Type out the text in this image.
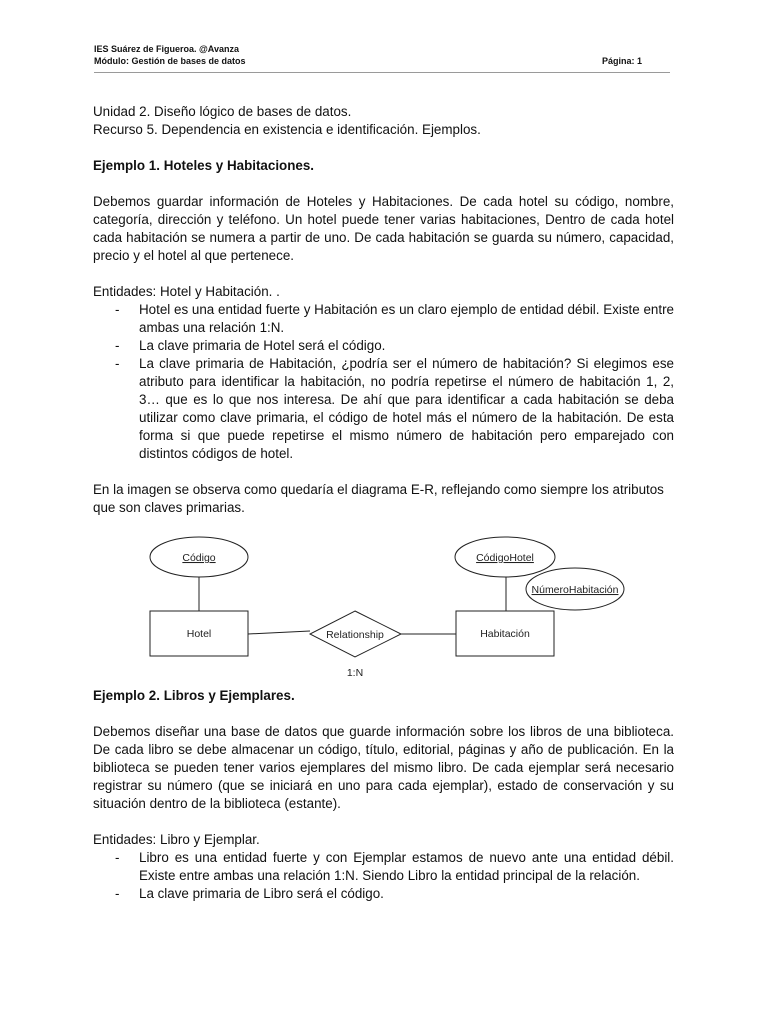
IES Suárez de Figueroa. @Avanza
Módulo: Gestión de bases de datos	Página: 1

Unidad 2. Diseño lógico de bases de datos.

Recurso 5. Dependencia en existencia e identificación. Ejemplos.

Ejemplo 1. Hoteles y Habitaciones.

Debemos guardar información de Hoteles y Habitaciones. De cada hotel su código, nombre, categoría, dirección y teléfono. Un hotel puede tener varias habitaciones, Dentro de cada hotel cada habitación se numera a partir de uno. De cada habitación se guarda su número, capacidad, precio y el hotel al que pertenece.

Entidades: Hotel y Habitación. .

- Hotel es una entidad fuerte y Habitación es un claro ejemplo de entidad débil. Existe entre ambas una relación 1:N.
- La clave primaria de Hotel será el código.
- La clave primaria de Habitación, ¿podría ser el número de habitación? Si elegimos ese atributo para identificar la habitación, no podría repetirse el número de habitación 1, 2, 3… que es lo que nos interesa. De ahí que para identificar a cada habitación se deba utilizar como clave primaria, el código de hotel más el número de la habitación. De esta forma si que puede repetirse el mismo número de habitación pero emparejado con distintos códigos de hotel.

En la imagen se observa como quedaría el diagrama E-R, reflejando como siempre los atributos que son claves primarias.

Código	CódigoHotel
NúmeroHabitación
Hotel	Habitación
Relationship
1:N

Ejemplo 2. Libros y Ejemplares.

Debemos diseñar una base de datos que guarde información sobre los libros de una biblioteca. De cada libro se debe almacenar un código, título, editorial, páginas y año de publicación. En la biblioteca se pueden tener varios ejemplares del mismo libro. De cada ejemplar será necesario registrar su número (que se iniciará en uno para cada ejemplar), estado de conservación y su situación dentro de la biblioteca (estante).

Entidades: Libro y Ejemplar.

- Libro es una entidad fuerte y con Ejemplar estamos de nuevo ante una entidad débil. Existe entre ambas una relación 1:N. Siendo Libro la entidad principal de la relación.
- La clave primaria de Libro será el código.
